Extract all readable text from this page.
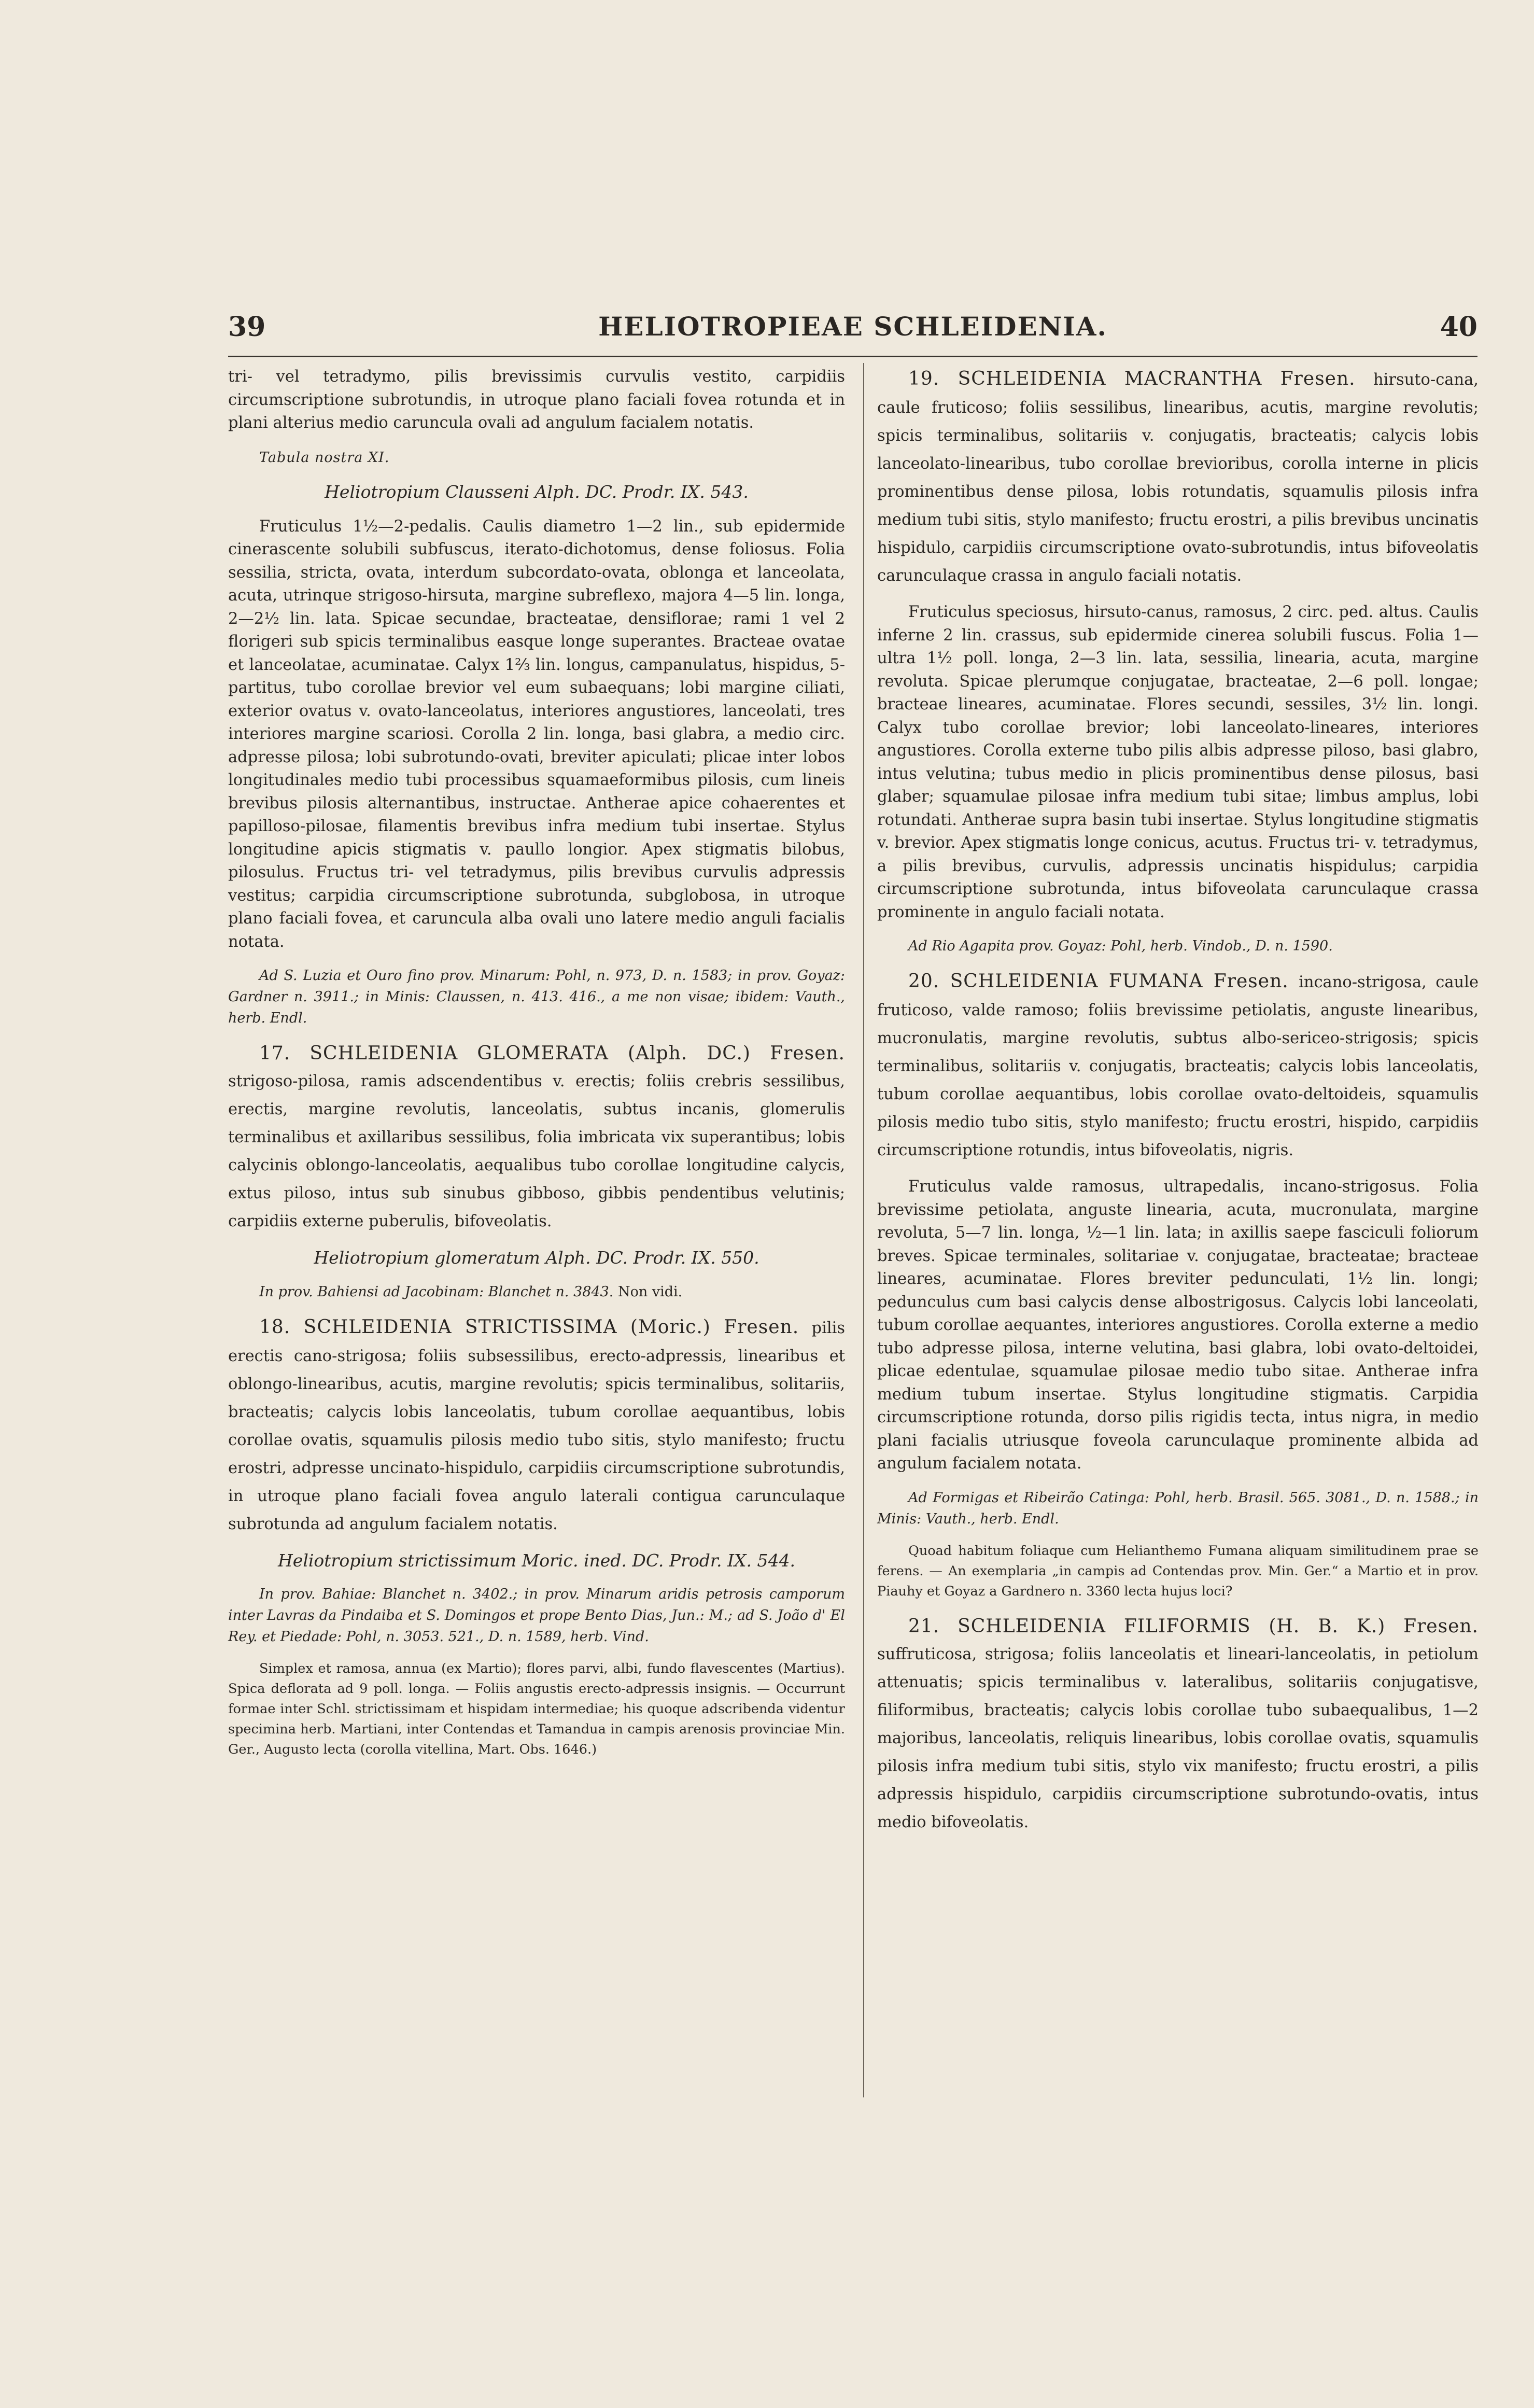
39	HELIOTROPIEAE SCHLEIDENIA.	40

tri- vel tetradymo, pilis brevissimis curvulis vestito, carpidiis circumscriptione subrotundis, in utroque plano faciali fovea rotunda et in plani alterius medio caruncula ovali ad angulum facialem notatis.

Tabula nostra XI.

Heliotropium Clausseni Alph. DC. Prodr. IX. 543.

Fruticulus 1½—2-pedalis. Caulis diametro 1—2 lin., sub epidermide cinerascente solubili subfuscus, iterato-dichotomus, dense foliosus. Folia sessilia, stricta, ovata, interdum subcordato-ovata, oblonga et lanceolata, acuta, utrinque strigoso-hirsuta, margine subreflexo, majora 4—5 lin. longa, 2—2½ lin. lata. Spicae secundae, bracteatae, densiflorae; rami 1 vel 2 florigeri sub spicis terminalibus easque longe superantes. Bracteae ovatae et lanceolatae, acuminatae. Calyx 1⅔ lin. longus, campanulatus, hispidus, 5-partitus, tubo corollae brevior vel eum subaequans; lobi margine ciliati, exterior ovatus v. ovato-lanceolatus, interiores angustiores, lanceolati, tres interiores margine scariosi. Corolla 2 lin. longa, basi glabra, a medio circ. adpresse pilosa; lobi subrotundo-ovati, breviter apiculati; plicae inter lobos longitudinales medio tubi processibus squamaeformibus pilosis, cum lineis brevibus pilosis alternantibus, instructae. Antherae apice cohaerentes et papilloso-pilosae, filamentis brevibus infra medium tubi insertae. Stylus longitudine apicis stigmatis v. paullo longior. Apex stigmatis bilobus, pilosulus. Fructus tri- vel tetradymus, pilis brevibus curvulis adpressis vestitus; carpidia circumscriptione subrotunda, subglobosa, in utroque plano faciali fovea, et caruncula alba ovali uno latere medio anguli facialis notata.

Ad S. Luzia et Ouro fino prov. Minarum: Pohl, n. 973, D. n. 1583; in prov. Goyaz: Gardner n. 3911.; in Minis: Claussen, n. 413. 416., a me non visae; ibidem: Vauth., herb. Endl.

17. SCHLEIDENIA GLOMERATA (Alph. DC.) Fresen. strigoso-pilosa, ramis adscendentibus v. erectis; foliis crebris sessilibus, erectis, margine revolutis, lanceolatis, subtus incanis, glomerulis terminalibus et axillaribus sessilibus, folia imbricata vix superantibus; lobis calycinis oblongo-lanceolatis, aequalibus tubo corollae longitudine calycis, extus piloso, intus sub sinubus gibboso, gibbis pendentibus velutinis; carpidiis externe puberulis, bifoveolatis.

Heliotropium glomeratum Alph. DC. Prodr. IX. 550.

In prov. Bahiensi ad Jacobinam: Blanchet n. 3843. Non vidi.

18. SCHLEIDENIA STRICTISSIMA (Moric.) Fresen. pilis erectis cano-strigosa; foliis subsessilibus, erecto-adpressis, linearibus et oblongo-linearibus, acutis, margine revolutis; spicis terminalibus, solitariis, bracteatis; calycis lobis lanceolatis, tubum corollae aequantibus, lobis corollae ovatis, squamulis pilosis medio tubo sitis, stylo manifesto; fructu erostri, adpresse uncinato-hispidulo, carpidiis circumscriptione subrotundis, in utroque plano faciali fovea angulo laterali contigua carunculaque subrotunda ad angulum facialem notatis.

Heliotropium strictissimum Moric. ined. DC. Prodr. IX. 544.

In prov. Bahiae: Blanchet n. 3402.; in prov. Minarum aridis petrosis camporum inter Lavras da Pindaiba et S. Domingos et prope Bento Dias, Jun.: M.; ad S. João d' El Rey. et Piedade: Pohl, n. 3053. 521., D. n. 1589, herb. Vind.

Simplex et ramosa, annua (ex Martio); flores parvi, albi, fundo flavescentes (Martius). Spica deflorata ad 9 poll. longa. — Foliis angustis erecto-adpressis insignis. — Occurrunt formae inter Schl. strictissimam et hispidam intermediae; his quoque adscribenda videntur specimina herb. Martiani, inter Contendas et Tamandua in campis arenosis provinciae Min. Ger., Augusto lecta (corolla vitellina, Mart. Obs. 1646.)

19. SCHLEIDENIA MACRANTHA Fresen. hirsuto-cana, caule fruticoso; foliis sessilibus, linearibus, acutis, margine revolutis; spicis terminalibus, solitariis v. conjugatis, bracteatis; calycis lobis lanceolato-linearibus, tubo corollae brevioribus, corolla interne in plicis prominentibus dense pilosa, lobis rotundatis, squamulis pilosis infra medium tubi sitis, stylo manifesto; fructu erostri, a pilis brevibus uncinatis hispidulo, carpidiis circumscriptione ovato-subrotundis, intus bifoveolatis carunculaque crassa in angulo faciali notatis.

Fruticulus speciosus, hirsuto-canus, ramosus, 2 circ. ped. altus. Caulis inferne 2 lin. crassus, sub epidermide cinerea solubili fuscus. Folia 1— ultra 1½ poll. longa, 2—3 lin. lata, sessilia, linearia, acuta, margine revoluta. Spicae plerumque conjugatae, bracteatae, 2—6 poll. longae; bracteae lineares, acuminatae. Flores secundi, sessiles, 3½ lin. longi. Calyx tubo corollae brevior; lobi lanceolato-lineares, interiores angustiores. Corolla externe tubo pilis albis adpresse piloso, basi glabro, intus velutina; tubus medio in plicis prominentibus dense pilosus, basi glaber; squamulae pilosae infra medium tubi sitae; limbus amplus, lobi rotundati. Antherae supra basin tubi insertae. Stylus longitudine stigmatis v. brevior. Apex stigmatis longe conicus, acutus. Fructus tri- v. tetradymus, a pilis brevibus, curvulis, adpressis uncinatis hispidulus; carpidia circumscriptione subrotunda, intus bifoveolata carunculaque crassa prominente in angulo faciali notata.

Ad Rio Agapita prov. Goyaz: Pohl, herb. Vindob., D. n. 1590.

20. SCHLEIDENIA FUMANA Fresen. incano-strigosa, caule fruticoso, valde ramoso; foliis brevissime petiolatis, anguste linearibus, mucronulatis, margine revolutis, subtus albo-sericeo-strigosis; spicis terminalibus, solitariis v. conjugatis, bracteatis; calycis lobis lanceolatis, tubum corollae aequantibus, lobis corollae ovato-deltoideis, squamulis pilosis medio tubo sitis, stylo manifesto; fructu erostri, hispido, carpidiis circumscriptione rotundis, intus bifoveolatis, nigris.

Fruticulus valde ramosus, ultrapedalis, incano-strigosus. Folia brevissime petiolata, anguste linearia, acuta, mucronulata, margine revoluta, 5—7 lin. longa, ½—1 lin. lata; in axillis saepe fasciculi foliorum breves. Spicae terminales, solitariae v. conjugatae, bracteatae; bracteae lineares, acuminatae. Flores breviter pedunculati, 1½ lin. longi; pedunculus cum basi calycis dense albostrigosus. Calycis lobi lanceolati, tubum corollae aequantes, interiores angustiores. Corolla externe a medio tubo adpresse pilosa, interne velutina, basi glabra, lobi ovato-deltoidei, plicae edentulae, squamulae pilosae medio tubo sitae. Antherae infra medium tubum insertae. Stylus longitudine stigmatis. Carpidia circumscriptione rotunda, dorso pilis rigidis tecta, intus nigra, in medio plani facialis utriusque foveola carunculaque prominente albida ad angulum facialem notata.

Ad Formigas et Ribeirão Catinga: Pohl, herb. Brasil. 565. 3081., D. n. 1588.; in Minis: Vauth., herb. Endl.

Quoad habitum foliaque cum Helianthemo Fumana aliquam similitudinem prae se ferens. — An exemplaria „in campis ad Contendas prov. Min. Ger.“ a Martio et in prov. Piauhy et Goyaz a Gardnero n. 3360 lecta hujus loci?

21. SCHLEIDENIA FILIFORMIS (H. B. K.) Fresen. suffruticosa, strigosa; foliis lanceolatis et lineari-lanceolatis, in petiolum attenuatis; spicis terminalibus v. lateralibus, solitariis conjugatisve, filiformibus, bracteatis; calycis lobis corollae tubo subaequalibus, 1—2 majoribus, lanceolatis, reliquis linearibus, lobis corollae ovatis, squamulis pilosis infra medium tubi sitis, stylo vix manifesto; fructu erostri, a pilis adpressis hispidulo, carpidiis circumscriptione subrotundo-ovatis, intus medio bifoveolatis.
